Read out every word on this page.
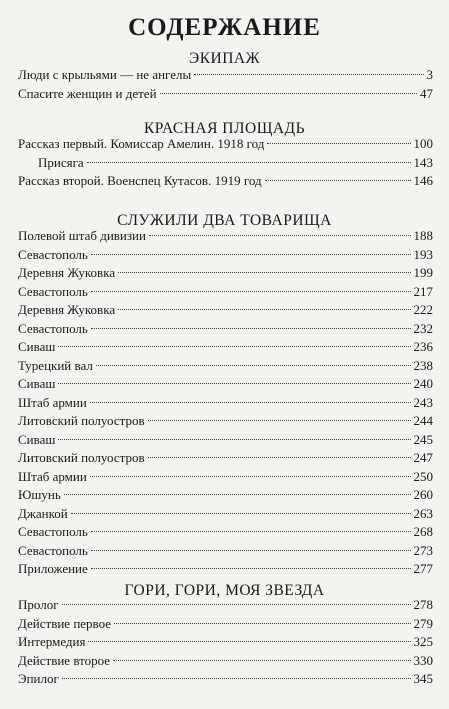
СОДЕРЖАНИЕ
ЭКИПАЖ
Люди с крыльями — не ангелы	3
Спасите женщин и детей	47
КРАСНАЯ ПЛОЩАДЬ
Рассказ первый. Комиссар Амелин. 1918 год	100
Присяга	143
Рассказ второй. Военспец Кутасов. 1919 год	146
СЛУЖИЛИ ДВА ТОВАРИЩА
Полевой штаб дивизии	188
Севастополь	193
Деревня Жуковка	199
Севастополь	217
Деревня Жуковка	222
Севастополь	232
Сиваш	236
Турецкий вал	238
Сиваш	240
Штаб армии	243
Литовский полуостров	244
Сиваш	245
Литовский полуостров	247
Штаб армии	250
Юшунь	260
Джанкой	263
Севастополь	268
Севастополь	273
Приложение	277
ГОРИ, ГОРИ, МОЯ ЗВЕЗДА
Пролог	278
Действие первое	279
Интермедия	325
Действие второе	330
Эпилог	345
